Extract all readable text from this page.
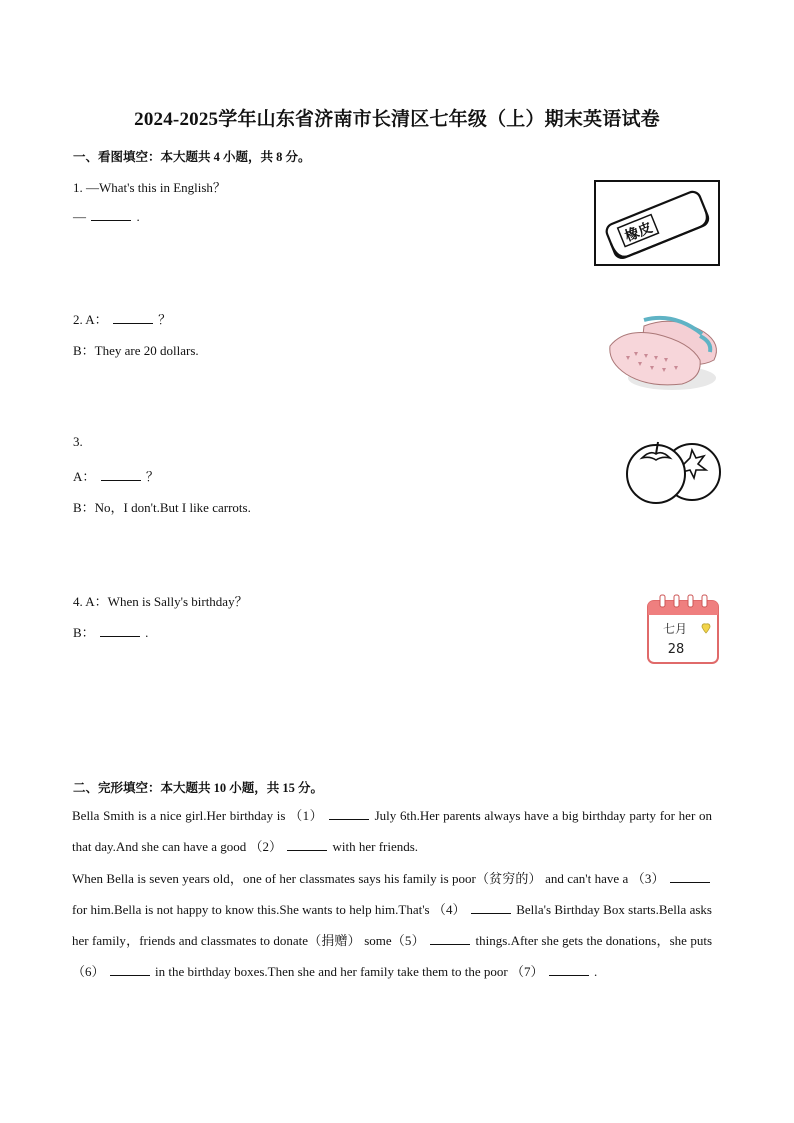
2024-2025学年山东省济南市长清区七年级（上）期末英语试卷
一、看图填空：本大题共 4 小题，共 8 分。
1. —What's this in English？
—	.
橡皮
2. A：	？
B：They are 20 dollars.
3.
A：	？
B：No，I don't.But I like carrots.
4. A：When is Sally's birthday？
B：	.	七月
28
二、完形填空：本大题共 10 小题，共 15 分。
Bella Smith is a nice girl.Her birthday is （1）	July 6th.Her parents always have a big birthday party for her on that day.And she can have a good （2）	with her friends.
When Bella is seven years old，one of her classmates says his family is poor（贫穷的） and can't have a （3）  for him.Bella is not happy to know this.She wants to help him.That's （4）	Bella's Birthday Box starts.Bella asks her family，friends and classmates to donate（捐赠） some（5）	things.After she gets the donations，she puts （6）	in the birthday boxes.Then she and her family take them to the poor （7）	.
